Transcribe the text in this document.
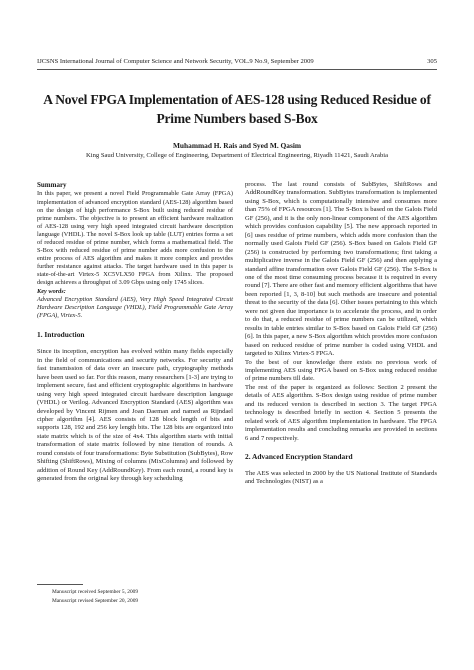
IJCSNS International Journal of Computer Science and Network Security, VOL.9 No.9, September 2009	305
A Novel FPGA Implementation of AES-128 using Reduced Residue of Prime Numbers based S-Box
Muhammad H. Rais and Syed M. Qasim
King Saud University, College of Engineering, Department of Electrical Engineering, Riyadh 11421, Saudi Arabia
Summary

In this paper, we present a novel Field Programmable Gate Array (FPGA) implementation of advanced encryption standard (AES-128) algorithm based on the design of high performance S-Box built using reduced residue of prime numbers. The objective is to present an efficient hardware realization of AES-128 using very high speed integrated circuit hardware description language (VHDL). The novel S-Box look up table (LUT) entries forms a set of reduced residue of prime number, which forms a mathematical field. The S-Box with reduced residue of prime number adds more confusion to the entire process of AES algorithm and makes it more complex and provides further resistance against attacks. The target hardware used in this paper is state-of-the-art Virtex-5 XC5VLX50 FPGA from Xilinx. The proposed design achieves a throughput of 3.09 Gbps using only 1745 slices.

Key words:

Advanced Encryption Standard (AES), Very High Speed Integrated Circuit Hardware Description Language (VHDL), Field Programmable Gate Array (FPGA), Virtex-5.

1. Introduction

Since its inception, encryption has evolved within many fields especially in the field of communications and security networks. For security and fast transmission of data over an insecure path, cryptography methods have been used so far. For this reason, many researchers [1-3] are trying to implement secure, fast and efficient cryptographic algorithms in hardware using very high speed integrated circuit hardware description language (VHDL) or Verilog. Advanced Encryption Standard (AES) algorithm was developed by Vincent Rijmen and Joan Daeman and named as Rijndael cipher algorithm [4]. AES consists of 128 block length of bits and supports 128, 192 and 256 key length bits. The 128 bits are organized into state matrix which is of the size of 4x4. This algorithm starts with initial transformation of state matrix followed by nine iteration of rounds. A round consists of four transformations: Byte Substitution (SubBytes), Row Shifting (ShiftRows), Mixing of columns (MixColumns) and followed by addition of Round Key (AddRoundKey). From each round, a round key is generated from the original key through key scheduling

process. The last round consists of SubBytes, ShiftRows and AddRoundKey transformation. SubBytes transformation is implemented using S-Box, which is computationally intensive and consumes more than 75% of FPGA resources [1]. The S-Box is based on the Galois Field GF (256), and it is the only non-linear component of the AES algorithm which provides confusion capability [5]. The new approach reported in [6] uses residue of prime numbers, which adds more confusion than the normally used Galois Field GF (256). S-Box based on Galois Field GF (256) is constructed by performing two transformations; first taking a multiplicative inverse in the Galois Field GF (256) and then applying a standard affine transformation over Galois Field GF (256). The S-Box is one of the most time consuming process because it is required in every round [7]. There are other fast and memory efficient algorithms that have been reported [1, 3, 8-10] but such methods are insecure and potential threat to the security of the data [6]. Other issues pertaining to this which were not given due importance is to accelerate the process, and in order to do that, a reduced residue of prime numbers can be utilized, which results in table entries similar to S-Box based on Galois Field GF (256) [6]. In this paper, a new S-Box algorithm which provides more confusion based on reduced residue of prime number is coded using VHDL and targeted to Xilinx Virtex-5 FPGA.

To the best of our knowledge there exists no previous work of implementing AES using FPGA based on S-Box using reduced residue of prime numbers till date.

The rest of the paper is organized as follows: Section 2 present the details of AES algorithm. S-Box design using residue of prime number and its reduced version is described in section 3. The target FPGA technology is described briefly in section 4. Section 5 presents the related work of AES algorithm implementation in hardware. The FPGA implementation results and concluding remarks are provided in sections 6 and 7 respectively.

2. Advanced Encryption Standard

The AES was selected in 2000 by the US National Institute of Standards and Technologies (NIST) as a

Manuscript received September 5, 2009
Manuscript revised September 20, 2009
